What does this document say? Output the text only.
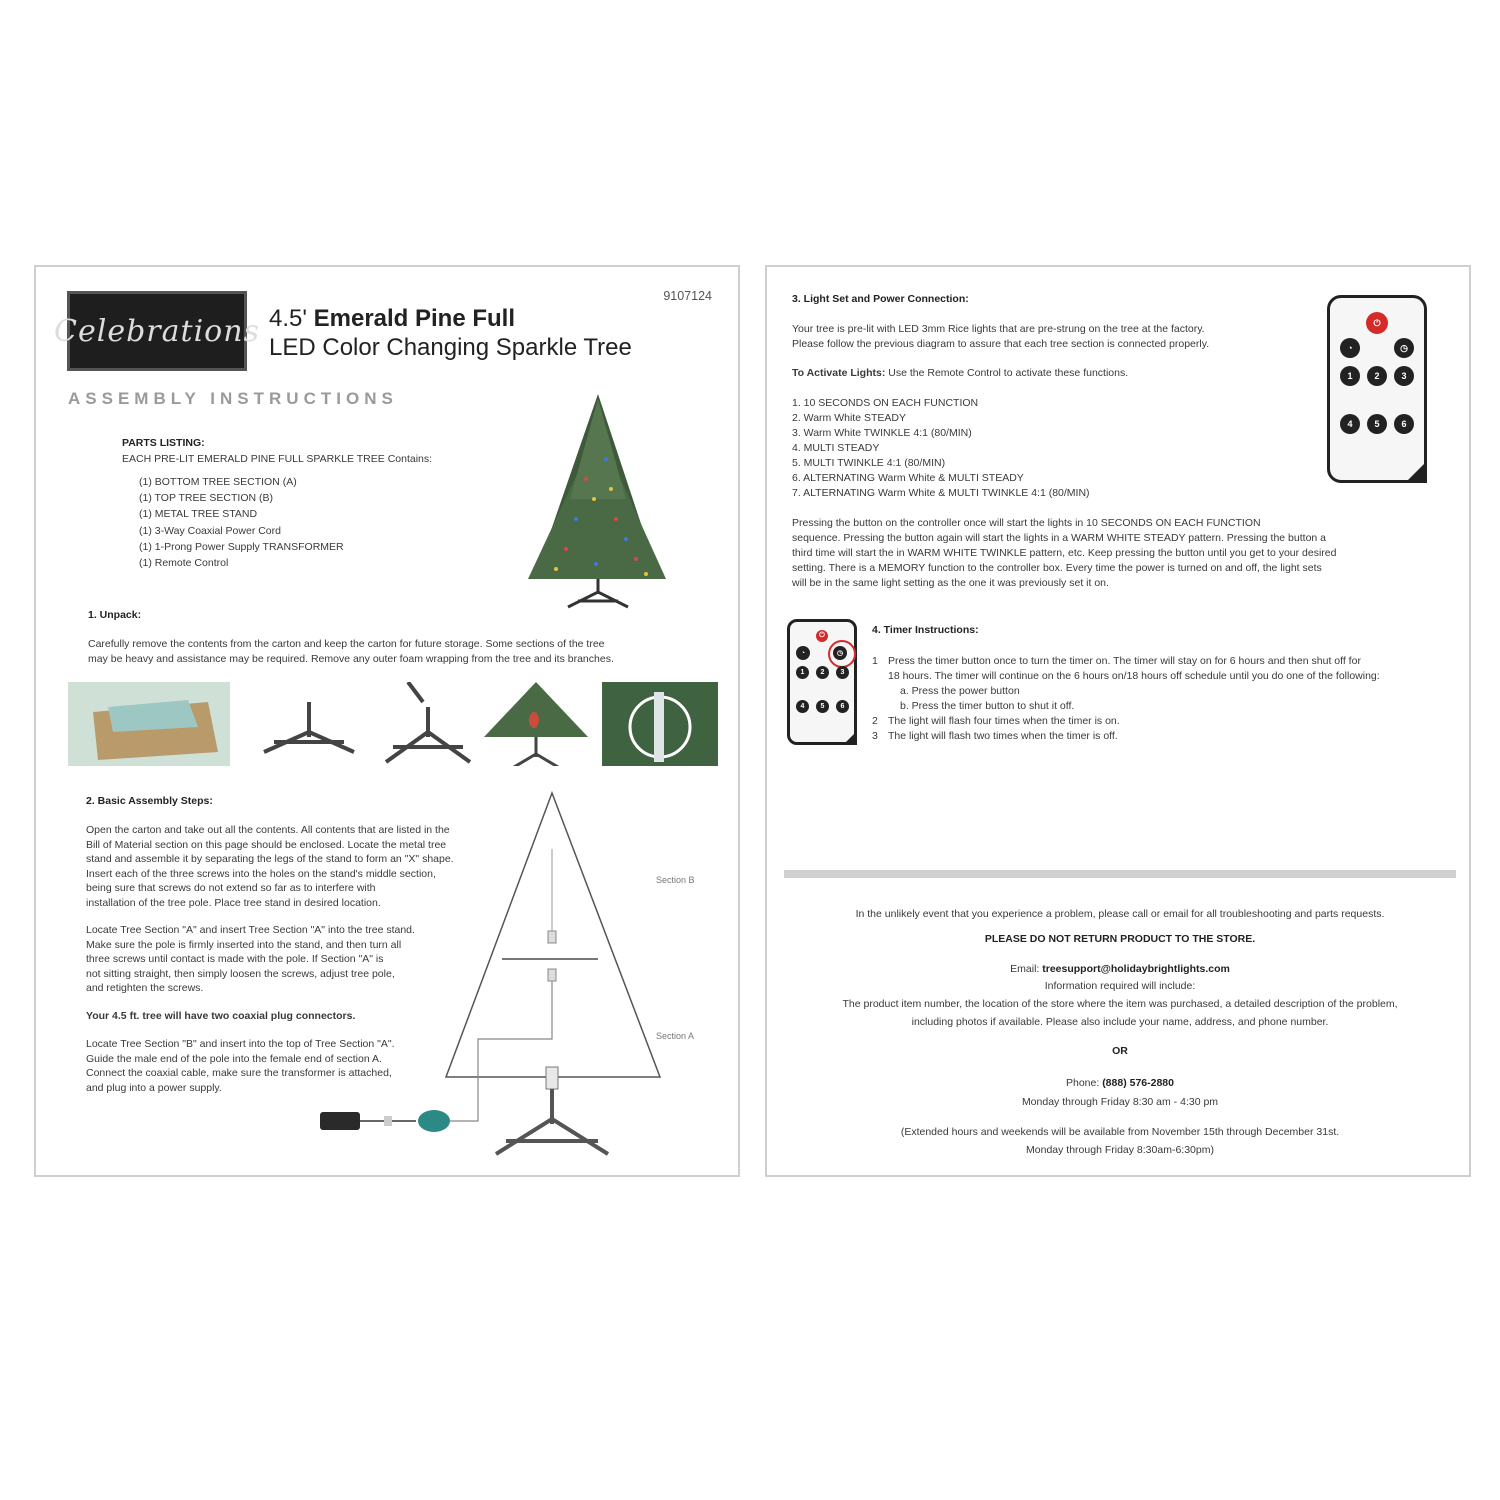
Celebrations
9107124
4.5' Emerald Pine Full
LED Color Changing Sparkle Tree
ASSEMBLY INSTRUCTIONS
PARTS LISTING:
EACH PRE-LIT EMERALD PINE FULL SPARKLE TREE Contains:
(1) BOTTOM TREE SECTION (A)
(1) TOP TREE SECTION (B)
(1) METAL TREE STAND
(1) 3-Way Coaxial Power Cord
(1) 1-Prong Power Supply TRANSFORMER
(1) Remote Control
1. Unpack:
Carefully remove the contents from the carton and keep the carton for future storage. Some sections of the tree
may be heavy and assistance may be required. Remove any outer foam wrapping from the tree and its branches.
2. Basic Assembly Steps:
Open the carton and take out all the contents. All contents that are listed in the
Bill of Material section on this page should be enclosed. Locate the metal tree
stand and assemble it by separating the legs of the stand to form an "X" shape.
Insert each of the three screws into the holes on the stand's middle section,
being sure that screws do not extend so far as to interfere with
installation of the tree pole. Place tree stand in desired location.
Locate Tree Section "A" and insert Tree Section "A" into the tree stand.
Make sure the pole is firmly inserted into the stand, and then turn all
three screws until contact is made with the pole. If Section "A" is
not sitting straight, then simply loosen the screws, adjust tree pole,
and retighten the screws.
Your 4.5 ft. tree will have two coaxial plug connectors.
Locate Tree Section "B" and insert into the top of Tree Section "A".
Guide the male end of the pole into the female end of section A.
Connect the coaxial cable, make sure the transformer is attached,
and plug into a power supply.
Section B
Section A
3. Light Set and Power Connection:
Your tree is pre-lit with LED 3mm Rice lights that are pre-strung on the tree at the factory.
Please follow the previous diagram to assure that each tree section is connected properly.
To Activate Lights: Use the Remote Control to activate these functions.
1. 10 SECONDS ON EACH FUNCTION
2. Warm White STEADY
3. Warm White TWINKLE 4:1 (80/MIN)
4. MULTI STEADY
5. MULTI TWINKLE 4:1 (80/MIN)
6. ALTERNATING Warm White & MULTI STEADY
7. ALTERNATING Warm White & MULTI TWINKLE 4:1 (80/MIN)
Pressing the button on the controller once will start the lights in 10 SECONDS ON EACH FUNCTION
sequence. Pressing the button again will start the lights in a WARM WHITE STEADY pattern. Pressing the button a
third time will start the in WARM WHITE TWINKLE pattern, etc. Keep pressing the button until you get to your desired
setting. There is a MEMORY function to the controller box. Every time the power is turned on and off, the light sets
will be in the same light setting as the one it was previously set it on.
⏻
◔	◷
1	2	3
4	5	6
⏻
◔	◷
1	2	3
4	5	6
4. Timer Instructions:
1 Press the timer button once to turn the timer on. The timer will stay on for 6 hours and then shut off for
18 hours. The timer will continue on the 6 hours on/18 hours off schedule until you do one of the following:
a. Press the power button
b. Press the timer button to shut it off.
2 The light will flash four times when the timer is on.
3 The light will flash two times when the timer is off.
In the unlikely event that you experience a problem, please call or email for all troubleshooting and parts requests.
PLEASE DO NOT RETURN PRODUCT TO THE STORE.
Email: treesupport@holidaybrightlights.com
Information required will include:
The product item number, the location of the store where the item was purchased, a detailed description of the problem,
including photos if available. Please also include your name, address, and phone number.
OR
Phone: (888) 576-2880
Monday through Friday 8:30 am - 4:30 pm
(Extended hours and weekends will be available from November 15th through December 31st.
Monday through Friday 8:30am-6:30pm)
